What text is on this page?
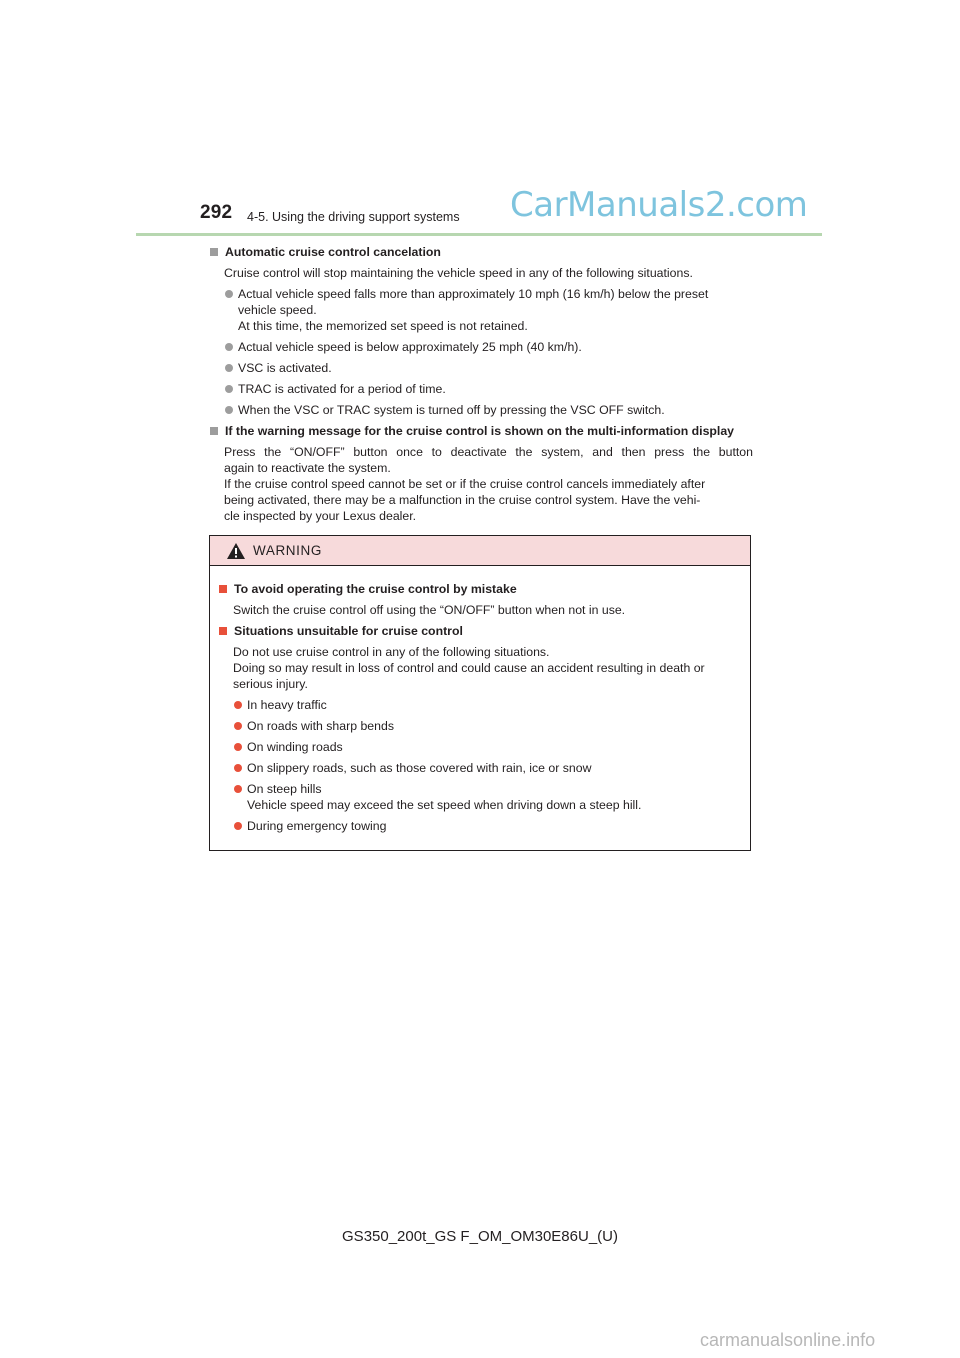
292 4-5. Using the driving support systems CarManuals2.com
Automatic cruise control cancelation
Cruise control will stop maintaining the vehicle speed in any of the following situations.
Actual vehicle speed falls more than approximately 10 mph (16 km/h) below the preset
vehicle speed.
At this time, the memorized set speed is not retained.
Actual vehicle speed is below approximately 25 mph (40 km/h).
VSC is activated.
TRAC is activated for a period of time.
When the VSC or TRAC system is turned off by pressing the VSC OFF switch.
If the warning message for the cruise control is shown on the multi-information display
Press the “ON/OFF” button once to deactivate the system, and then press the button
again to reactivate the system.
If the cruise control speed cannot be set or if the cruise control cancels immediately after
being activated, there may be a malfunction in the cruise control system. Have the vehi-
cle inspected by your Lexus dealer.
WARNING
To avoid operating the cruise control by mistake
Switch the cruise control off using the “ON/OFF” button when not in use.
Situations unsuitable for cruise control
Do not use cruise control in any of the following situations.
Doing so may result in loss of control and could cause an accident resulting in death or
serious injury.
In heavy traffic
On roads with sharp bends
On winding roads
On slippery roads, such as those covered with rain, ice or snow
On steep hills
Vehicle speed may exceed the set speed when driving down a steep hill.
During emergency towing
GS350_200t_GS F_OM_OM30E86U_(U)
carmanualsonline.info
